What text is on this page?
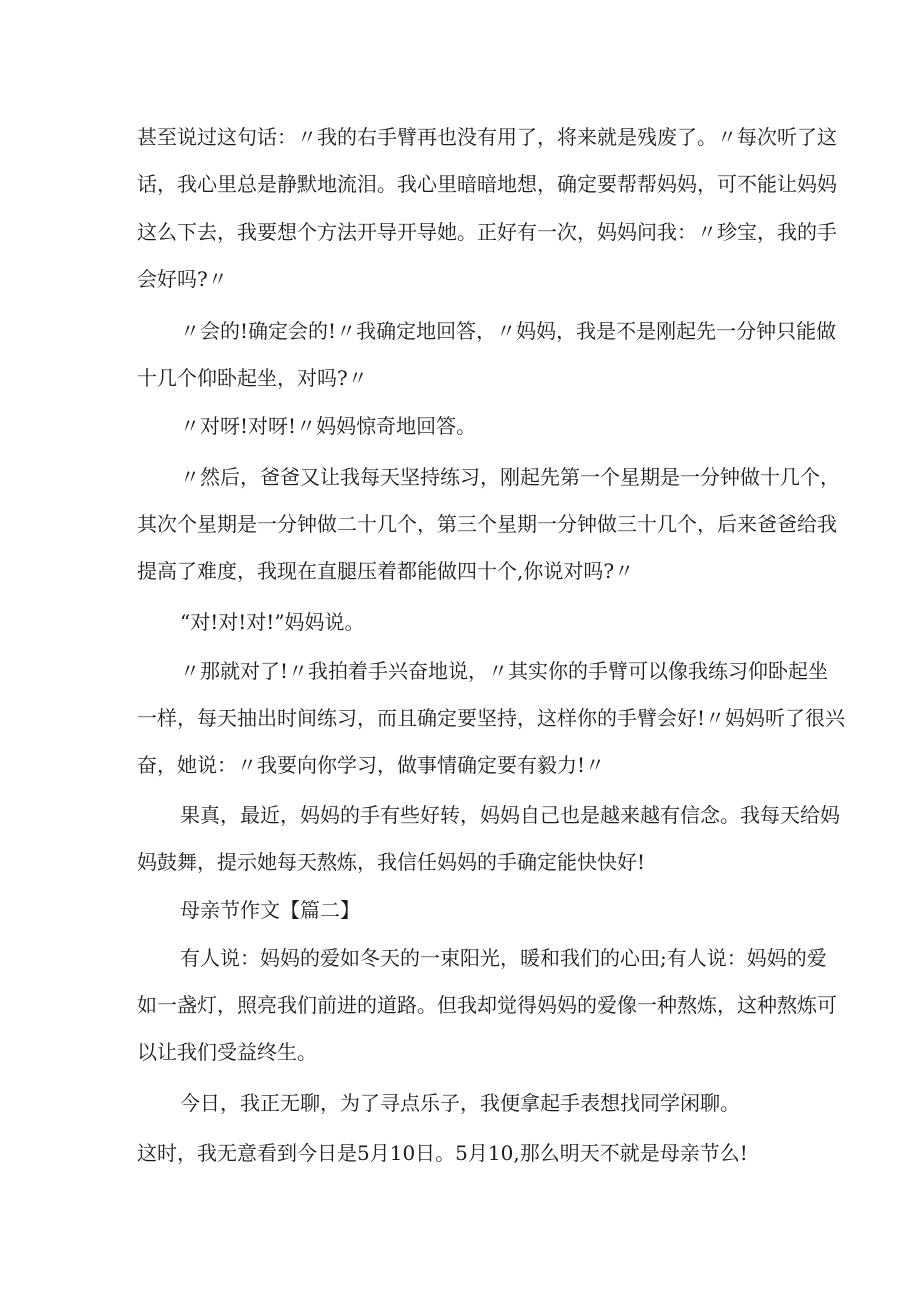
甚至说过这句话：〃我的右手臂再也没有用了，将来就是残废了。〃每次听了这
话，我心里总是静默地流泪。我心里暗暗地想，确定要帮帮妈妈，可不能让妈妈
这么下去，我要想个方法开导开导她。正好有一次，妈妈问我：〃珍宝，我的手
会好吗?〃
〃会的!确定会的!〃我确定地回答，〃妈妈，我是不是刚起先一分钟只能做
十几个仰卧起坐，对吗?〃
〃对呀!对呀!〃妈妈惊奇地回答。
〃然后，爸爸又让我每天坚持练习，刚起先第一个星期是一分钟做十几个，
其次个星期是一分钟做二十几个，第三个星期一分钟做三十几个，后来爸爸给我
提高了难度，我现在直腿压着都能做四十个,你说对吗?〃
“对!对!对!”妈妈说。
〃那就对了!〃我拍着手兴奋地说，〃其实你的手臂可以像我练习仰卧起坐
一样，每天抽出时间练习，而且确定要坚持，这样你的手臂会好!〃妈妈听了很兴
奋，她说：〃我要向你学习，做事情确定要有毅力!〃
果真，最近，妈妈的手有些好转，妈妈自己也是越来越有信念。我每天给妈
妈鼓舞，提示她每天熬炼，我信任妈妈的手确定能快快好!
母亲节作文【篇二】
有人说：妈妈的爱如冬天的一束阳光，暖和我们的心田;有人说：妈妈的爱
如一盏灯，照亮我们前进的道路。但我却觉得妈妈的爱像一种熬炼，这种熬炼可
以让我们受益终生。
今日，我正无聊，为了寻点乐子，我便拿起手表想找同学闲聊。
这时，我无意看到今日是5月10日。5月10,那么明天不就是母亲节么!
